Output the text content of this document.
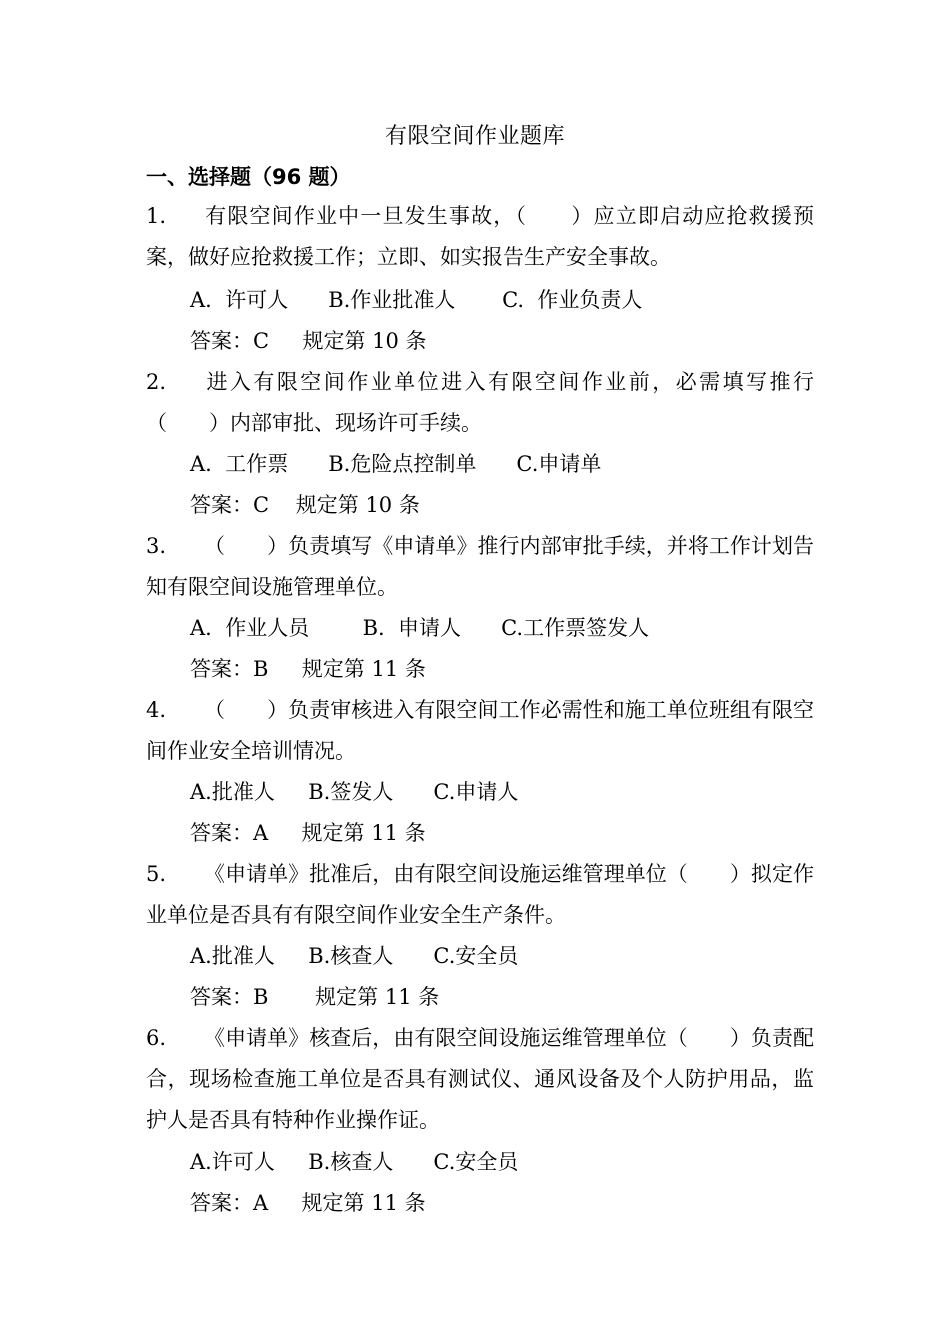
有限空间作业题库
一、选择题（96 题）
1. 有限空间作业中一旦发生事故，（　　）应立即启动应抢救援预案，做好应抢救援工作；立即、如实报告生产安全事故。
A.  许可人      B.作业批准人       C.  作业负责人
答案：C     规定第 10 条
2. 进入有限空间作业单位进入有限空间作业前，必需填写推行（　　）内部审批、现场许可手续。
A.  工作票      B.危险点控制单      C.申请单
答案：C    规定第 10 条
3. （　　）负责填写《申请单》推行内部审批手续，并将工作计划告知有限空间设施管理单位。
A.  作业人员        B.  申请人      C.工作票签发人
答案：B     规定第 11 条
4. （　　）负责审核进入有限空间工作必需性和施工单位班组有限空间作业安全培训情况。
A.批准人     B.签发人      C.申请人
答案：A     规定第 11 条
5. 《申请单》批准后，由有限空间设施运维管理单位（　　）拟定作业单位是否具有有限空间作业安全生产条件。
A.批准人     B.核查人      C.安全员
答案：B       规定第 11 条
6. 《申请单》核查后，由有限空间设施运维管理单位（　　）负责配合，现场检查施工单位是否具有测试仪、通风设备及个人防护用品，监护人是否具有特种作业操作证。
A.许可人     B.核查人      C.安全员
答案：A     规定第 11 条
